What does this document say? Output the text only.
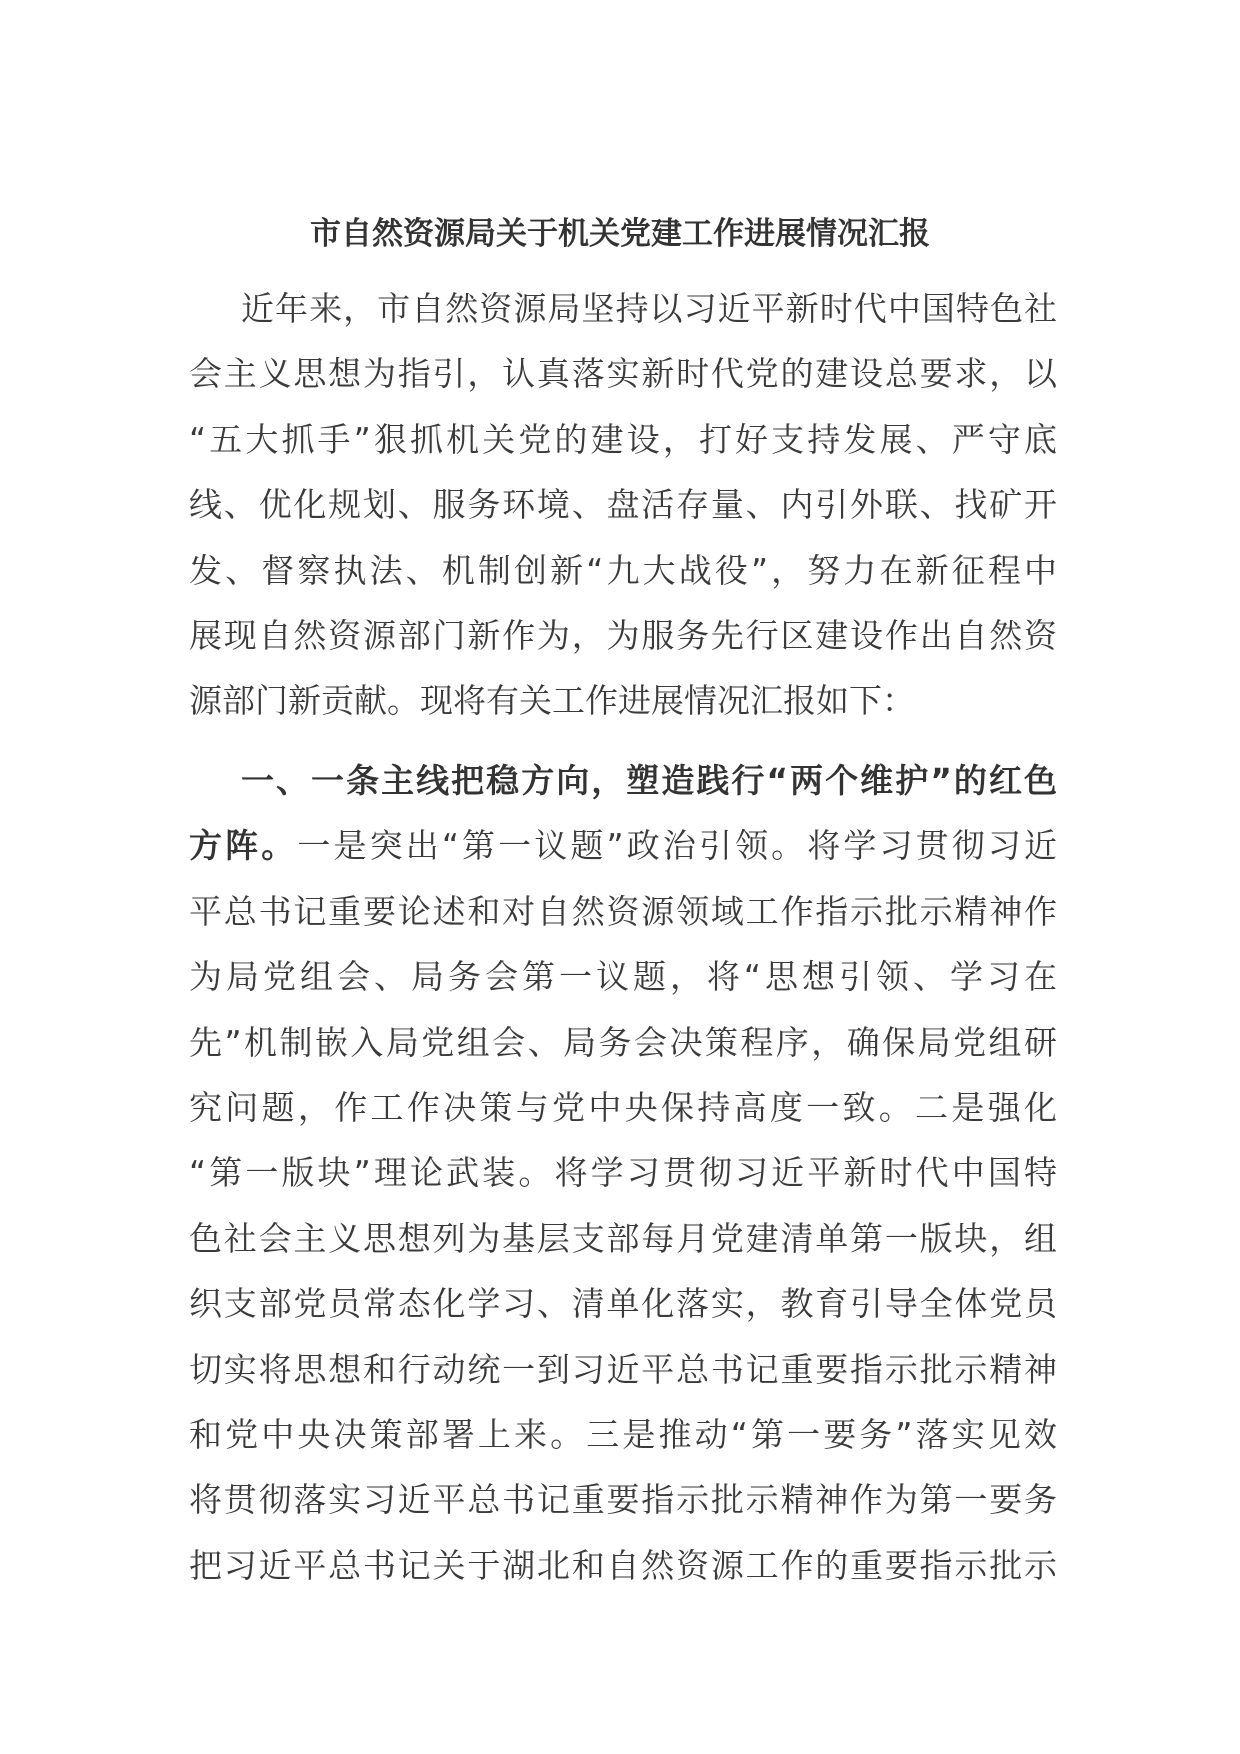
市自然资源局关于机关党建工作进展情况汇报
近年来，市自然资源局坚持以习近平新时代中国特色社
会主义思想为指引，认真落实新时代党的建设总要求，以
“五大抓手”狠抓机关党的建设，打好支持发展、严守底
线、优化规划、服务环境、盘活存量、内引外联、找矿开
发、督察执法、机制创新“九大战役”，努力在新征程中
展现自然资源部门新作为，为服务先行区建设作出自然资
源部门新贡献。现将有关工作进展情况汇报如下：
一、一条主线把稳方向，塑造践行“两个维护”的红色
方阵。一是突出“第一议题”政治引领。将学习贯彻习近
平总书记重要论述和对自然资源领域工作指示批示精神作
为局党组会、局务会第一议题，将“思想引领、学习在
先”机制嵌入局党组会、局务会决策程序，确保局党组研
究问题，作工作决策与党中央保持高度一致。二是强化
“第一版块”理论武装。将学习贯彻习近平新时代中国特
色社会主义思想列为基层支部每月党建清单第一版块，组
织支部党员常态化学习、清单化落实，教育引导全体党员
切实将思想和行动统一到习近平总书记重要指示批示精神
和党中央决策部署上来。三是推动“第一要务”落实见效
将贯彻落实习近平总书记重要指示批示精神作为第一要务
把习近平总书记关于湖北和自然资源工作的重要指示批示
